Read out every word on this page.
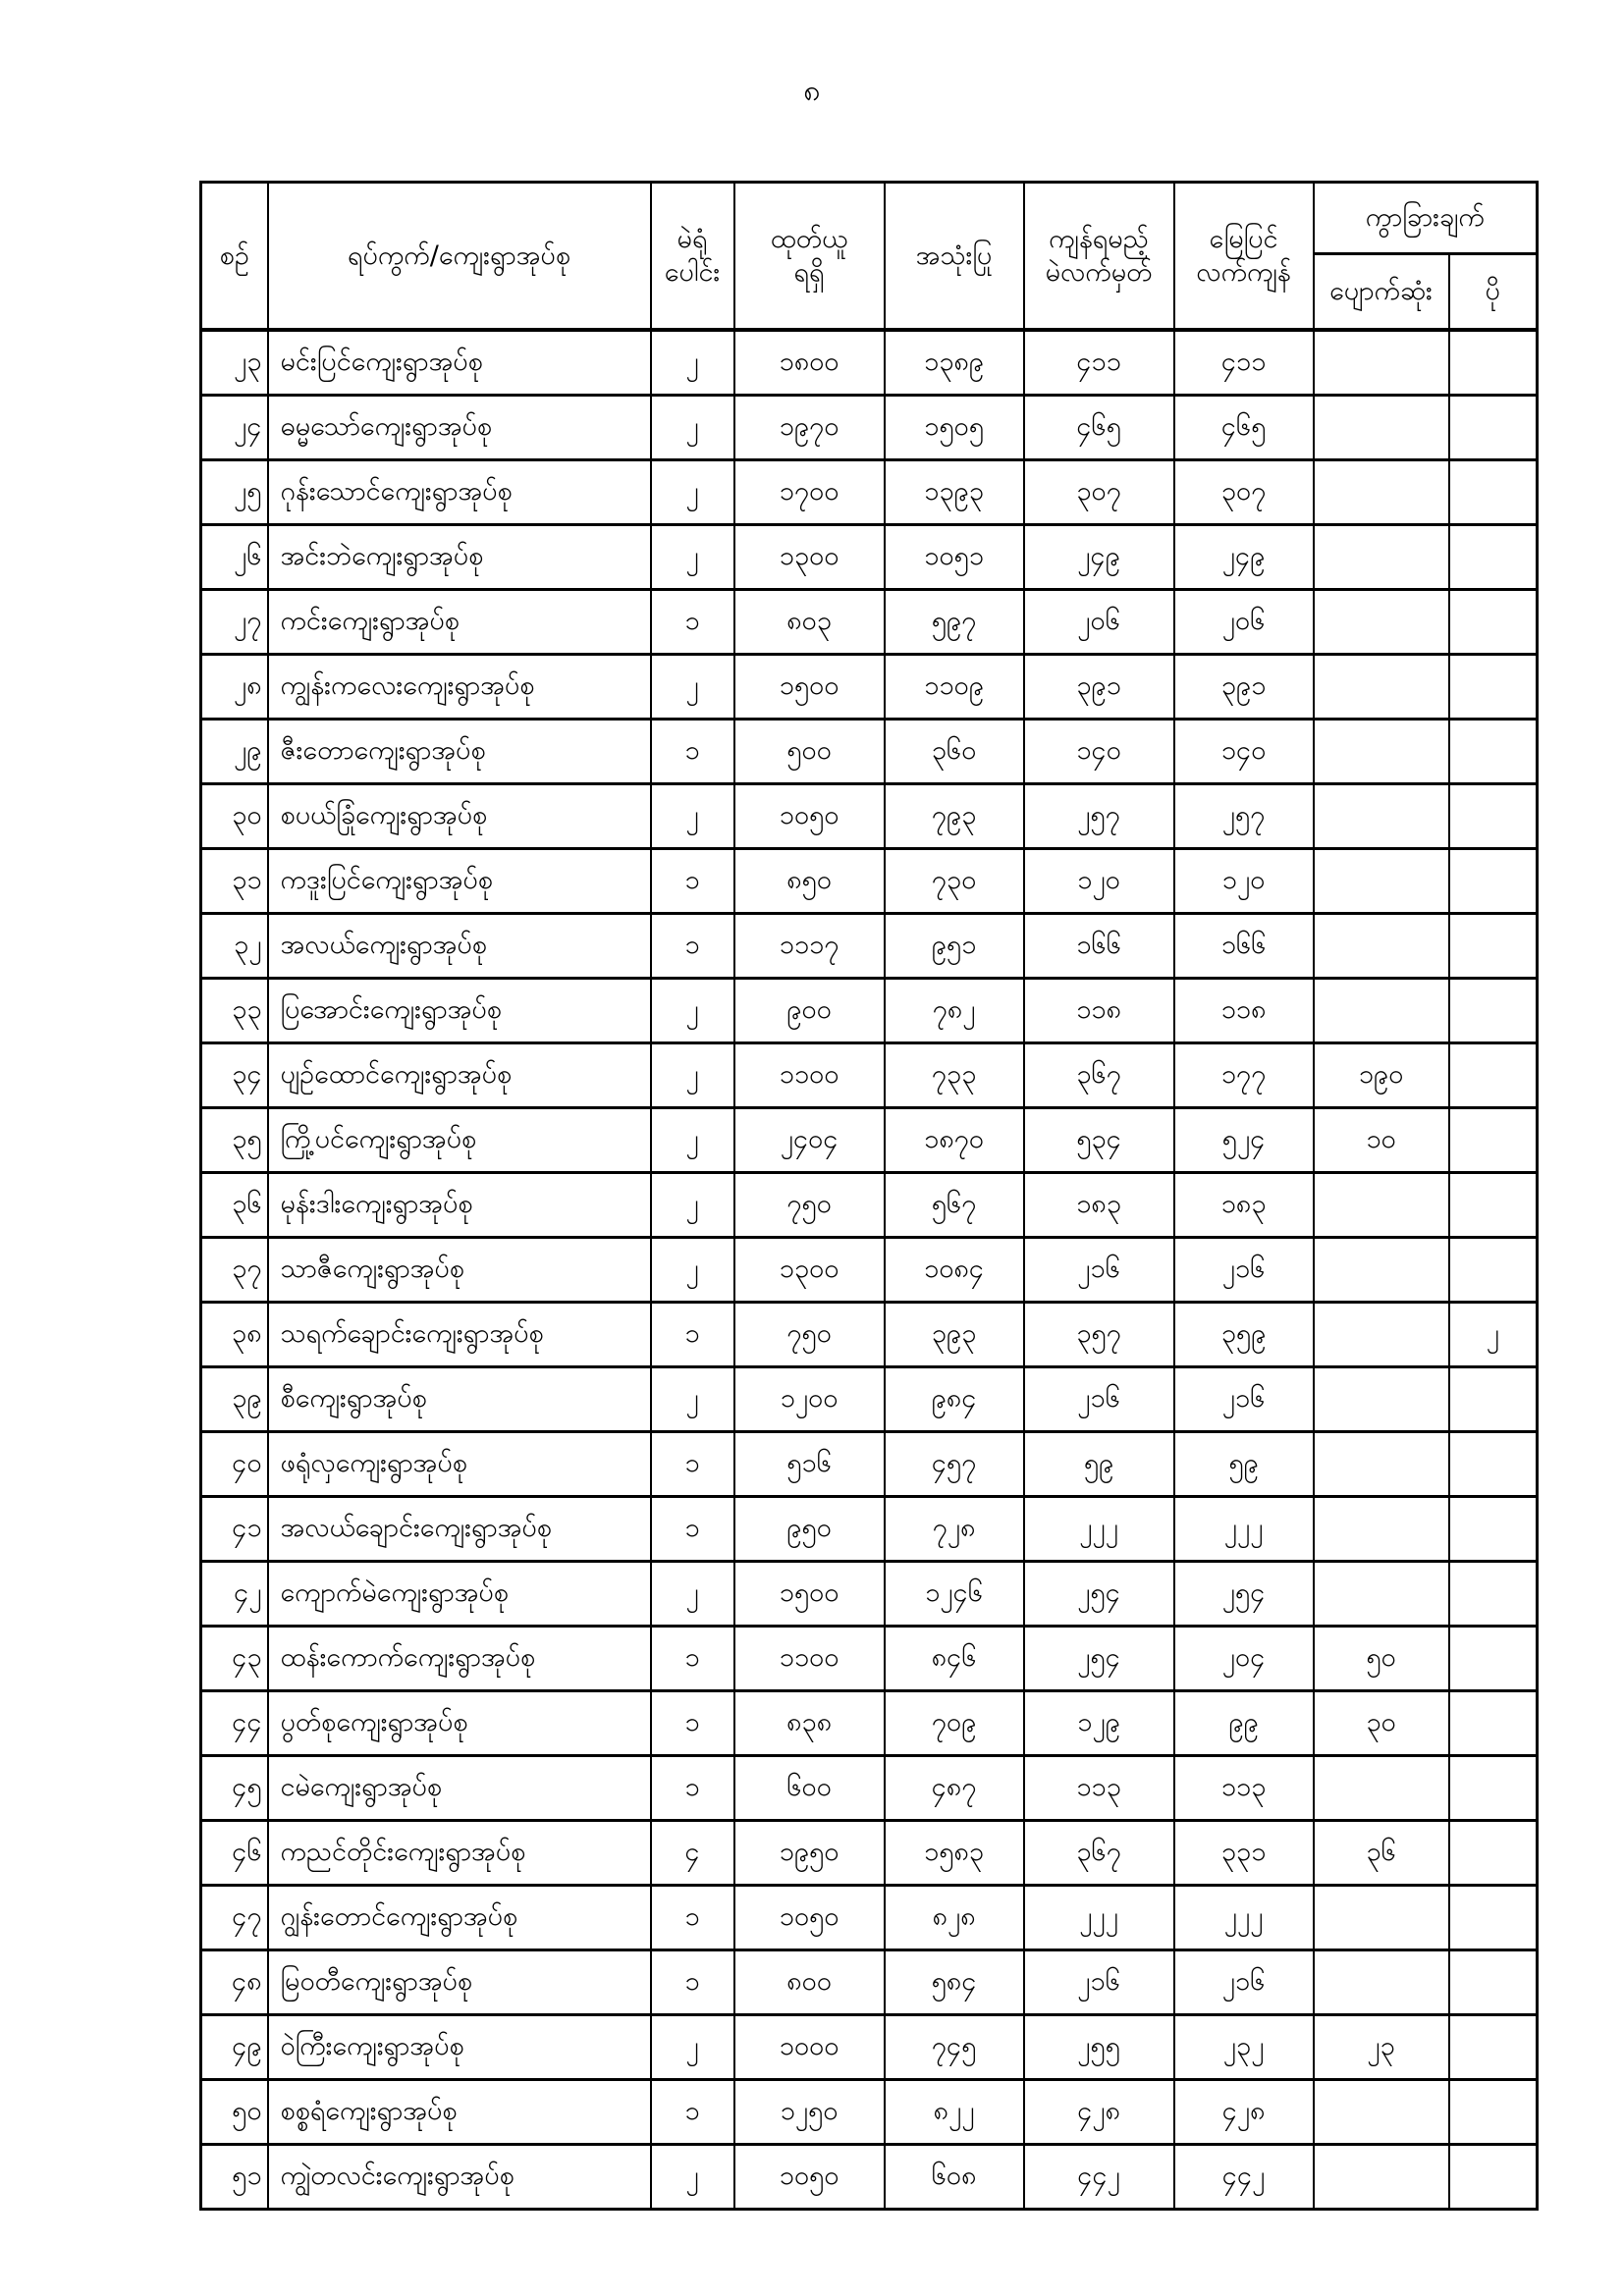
၈
စဉ်	ရပ်ကွက်/ကျေးရွာအုပ်စု	
မဲရုံ
ပေါင်း

ထုတ်ယူ
ရရှိ
	အသုံးပြု	
ကျန်ရမည့်
မဲလက်မှတ်

မြေပြင်
လက်ကျန်
	ကွာခြားချက်
							ပျောက်ဆုံး	ပို
၂၃	မင်းပြင်ကျေးရွာအုပ်စု	၂	၁၈၀၀	၁၃၈၉	၄၁၁	၄၁၁		
၂၄	ဓမ္မသော်ကျေးရွာအုပ်စု	၂	၁၉၇၀	၁၅၀၅	၄၆၅	၄၆၅		
၂၅	ဂုန်းသောင်ကျေးရွာအုပ်စု	၂	၁၇၀၀	၁၃၉၃	၃၀၇	၃၀၇		
၂၆	အင်းဘဲကျေးရွာအုပ်စု	၂	၁၃၀၀	၁၀၅၁	၂၄၉	၂၄၉		
၂၇	ကင်းကျေးရွာအုပ်စု	၁	၈၀၃	၅၉၇	၂၀၆	၂၀၆		
၂၈	ကျွန်းကလေးကျေးရွာအုပ်စု	၂	၁၅၀၀	၁၁၀၉	၃၉၁	၃၉၁		
၂၉	ဇီးတောကျေးရွာအုပ်စု	၁	၅၀၀	၃၆၀	၁၄၀	၁၄၀		
၃၀	စပယ်ခြုံကျေးရွာအုပ်စု	၂	၁၀၅၀	၇၉၃	၂၅၇	၂၅၇		
၃၁	ကဒူးပြင်ကျေးရွာအုပ်စု	၁	၈၅၀	၇၃၀	၁၂၀	၁၂၀		
၃၂	အလယ်ကျေးရွာအုပ်စု	၁	၁၁၁၇	၉၅၁	၁၆၆	၁၆၆		
၃၃	ပြအောင်းကျေးရွာအုပ်စု	၂	၉၀၀	၇၈၂	၁၁၈	၁၁၈		
၃၄	ပျဉ်ထောင်ကျေးရွာအုပ်စု	၂	၁၁၀၀	၇၃၃	၃၆၇	၁၇၇	၁၉၀	
၃၅	ကြို့ပင်ကျေးရွာအုပ်စု	၂	၂၄၀၄	၁၈၇၀	၅၃၄	၅၂၄	၁၀	
၃၆	မုန်းဒါးကျေးရွာအုပ်စု	၂	၇၅၀	၅၆၇	၁၈၃	၁၈၃		
၃၇	သာဇီကျေးရွာအုပ်စု	၂	၁၃၀၀	၁၀၈၄	၂၁၆	၂၁၆		
၃၈	သရက်ချောင်းကျေးရွာအုပ်စု	၁	၇၅၀	၃၉၃	၃၅၇	၃၅၉		၂
၃၉	စီကျေးရွာအုပ်စု	၂	၁၂၀၀	၉၈၄	၂၁၆	၂၁၆		
၄၀	ဖရုံလှကျေးရွာအုပ်စု	၁	၅၁၆	၄၅၇	၅၉	၅၉		
၄၁	အလယ်ချောင်းကျေးရွာအုပ်စု	၁	၉၅၀	၇၂၈	၂၂၂	၂၂၂		
၄၂	ကျောက်မဲကျေးရွာအုပ်စု	၂	၁၅၀၀	၁၂၄၆	၂၅၄	၂၅၄		
၄၃	ထန်းကောက်ကျေးရွာအုပ်စု	၁	၁၁၀၀	၈၄၆	၂၅၄	၂၀၄	၅၀	
၄၄	ပွတ်စုကျေးရွာအုပ်စု	၁	၈၃၈	၇၀၉	၁၂၉	၉၉	၃၀	
၄၅	ငမဲကျေးရွာအုပ်စု	၁	၆၀၀	၄၈၇	၁၁၃	၁၁၃		
၄၆	ကညင်တိုင်းကျေးရွာအုပ်စု	၄	၁၉၅၀	၁၅၈၃	၃၆၇	၃၃၁	၃၆	
၄၇	ဂျွန်းတောင်ကျေးရွာအုပ်စု	၁	၁၀၅၀	၈၂၈	၂၂၂	၂၂၂		
၄၈	မြဝတီကျေးရွာအုပ်စု	၁	၈၀၀	၅၈၄	၂၁၆	၂၁၆		
၄၉	ဝဲကြီးကျေးရွာအုပ်စု	၂	၁၀၀၀	၇၄၅	၂၅၅	၂၃၂	၂၃	
၅၀	စစ္စရံကျေးရွာအုပ်စု	၁	၁၂၅၀	၈၂၂	၄၂၈	၄၂၈		
၅၁	ကျွဲတလင်းကျေးရွာအုပ်စု	၂	၁၀၅၀	၆၀၈	၄၄၂	၄၄၂		
